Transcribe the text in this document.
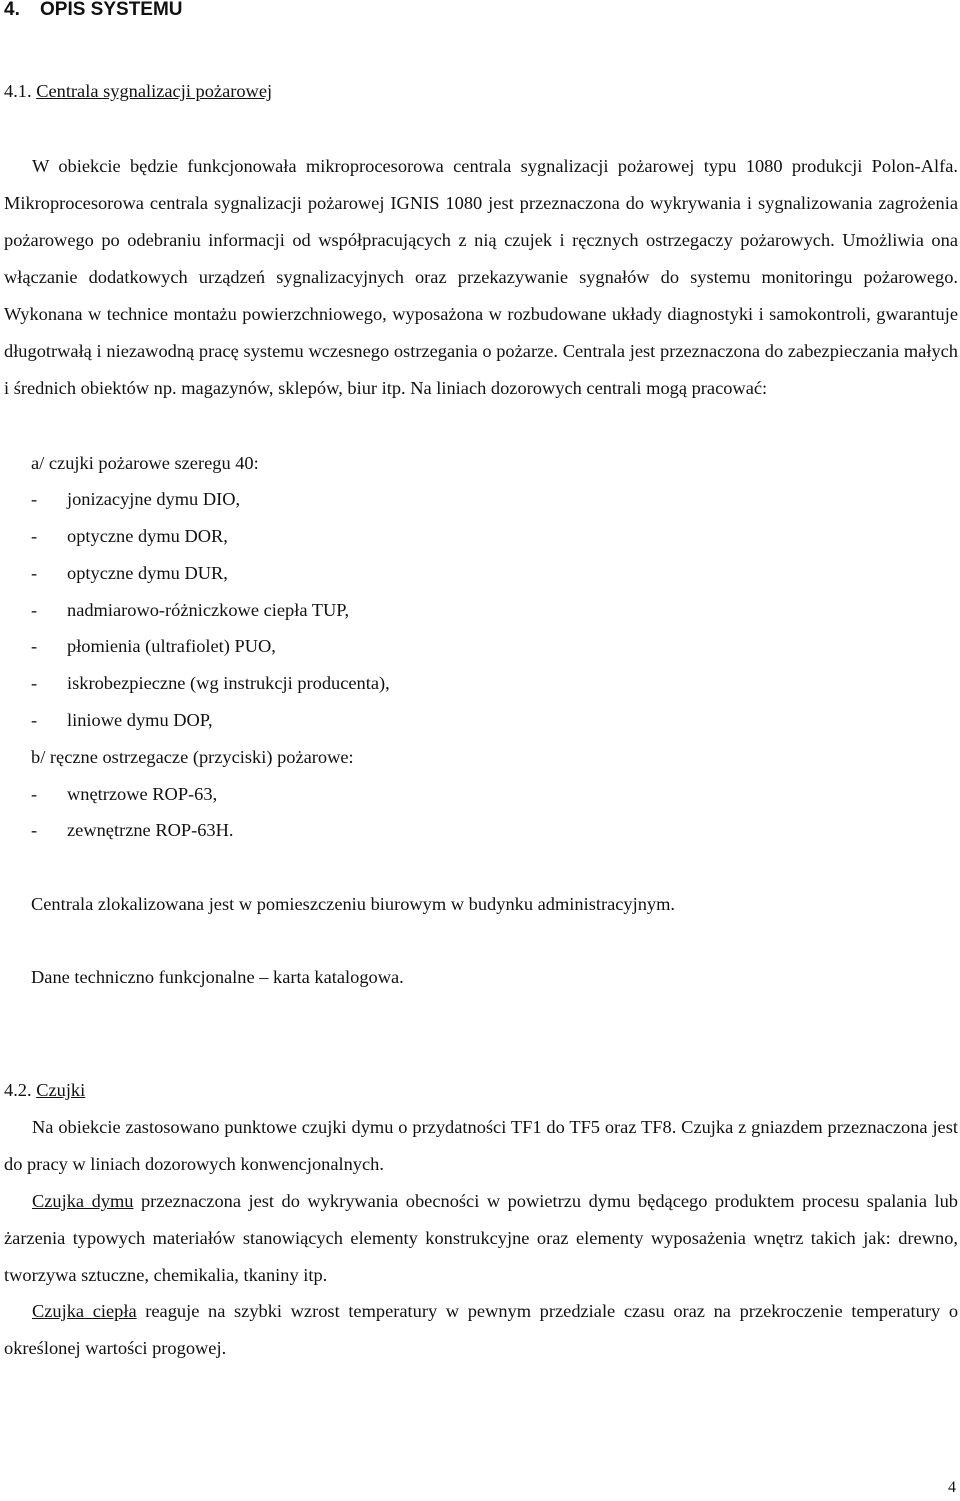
4. OPIS SYSTEMU
4.1. Centrala sygnalizacji pożarowej

W obiekcie będzie funkcjonowała mikroprocesorowa centrala sygnalizacji pożarowej typu 1080 produkcji Polon-Alfa. Mikroprocesorowa centrala sygnalizacji pożarowej IGNIS 1080 jest przeznaczona do wykrywania i sygnalizowania zagrożenia pożarowego po odebraniu informacji od współpracujących z nią czujek i ręcznych ostrzegaczy pożarowych. Umożliwia ona włączanie dodatkowych urządzeń sygnalizacyjnych oraz przekazywanie sygnałów do systemu monitoringu pożarowego. Wykonana w technice montażu powierzchniowego, wyposażona w rozbudowane układy diagnostyki i samokontroli, gwarantuje długotrwałą i niezawodną pracę systemu wczesnego ostrzegania o pożarze. Centrala jest przeznaczona do zabezpieczania małych i średnich obiektów np. magazynów, sklepów, biur itp. Na liniach dozorowych centrali mogą pracować:

a/ czujki pożarowe szeregu 40:

- jonizacyjne dymu DIO,

- optyczne dymu DOR,

- optyczne dymu DUR,

- nadmiarowo-różniczkowe ciepła TUP,

- płomienia (ultrafiolet) PUO,

- iskrobezpieczne (wg instrukcji producenta),

- liniowe dymu DOP,

b/ ręczne ostrzegacze (przyciski) pożarowe:

- wnętrzowe ROP-63,

- zewnętrzne ROP-63H.

Centrala zlokalizowana jest w pomieszczeniu biurowym w budynku administracyjnym.

Dane techniczno funkcjonalne – karta katalogowa.

4.2. Czujki

Na obiekcie zastosowano punktowe czujki dymu o przydatności TF1 do TF5 oraz TF8. Czujka z gniazdem przeznaczona jest do pracy w liniach dozorowych konwencjonalnych.

Czujka dymu przeznaczona jest do wykrywania obecności w powietrzu dymu będącego produktem procesu spalania lub żarzenia typowych materiałów stanowiących elementy konstrukcyjne oraz elementy wyposażenia wnętrz takich jak: drewno, tworzywa sztuczne, chemikalia, tkaniny itp.

Czujka ciepła reaguje na szybki wzrost temperatury w pewnym przedziale czasu oraz na przekroczenie temperatury o określonej wartości progowej.

4
